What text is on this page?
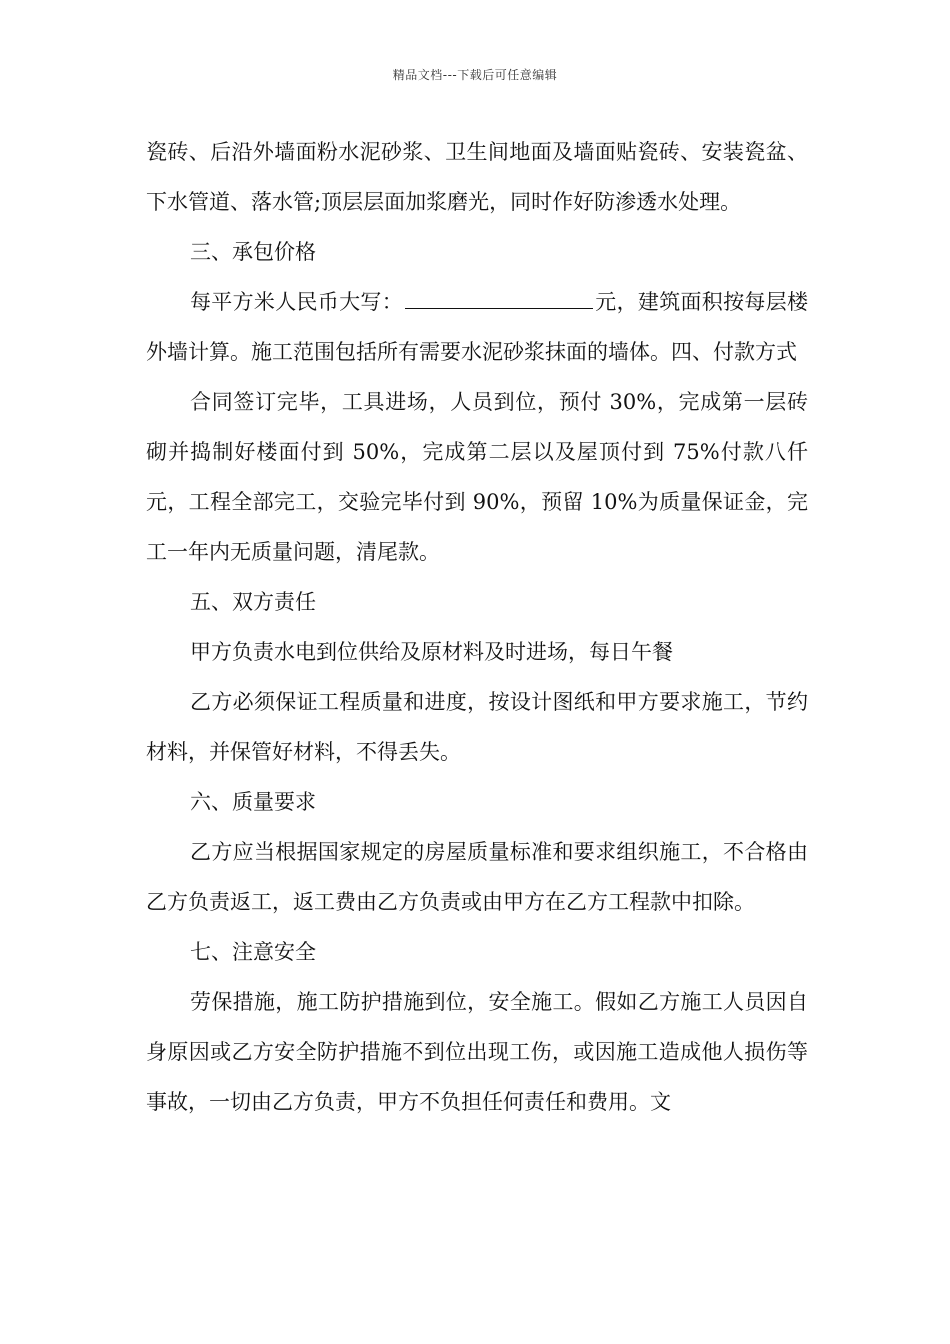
精品文档---下载后可任意编辑

瓷砖、后沿外墙面粉水泥砂浆、卫生间地面及墙面贴瓷砖、安装瓷盆、下水管道、落水管;顶层层面加浆磨光，同时作好防渗透水处理。

三、承包价格

每平方米人民币大写：	元，建筑面积按每层楼外墙计算。施工范围包括所有需要水泥砂浆抹面的墙体。四、付款方式

合同签订完毕，工具进场，人员到位，预付 30%，完成第一层砖砌并捣制好楼面付到 50%，完成第二层以及屋顶付到 75%付款八仟元，工程全部完工，交验完毕付到 90%，预留 10%为质量保证金，完工一年内无质量问题，清尾款。

五、双方责任

甲方负责水电到位供给及原材料及时进场，每日午餐

乙方必须保证工程质量和进度，按设计图纸和甲方要求施工，节约材料，并保管好材料，不得丢失。

六、质量要求

乙方应当根据国家规定的房屋质量标准和要求组织施工，不合格由乙方负责返工，返工费由乙方负责或由甲方在乙方工程款中扣除。

七、注意安全

劳保措施，施工防护措施到位，安全施工。假如乙方施工人员因自身原因或乙方安全防护措施不到位出现工伤，或因施工造成他人损伤等事故，一切由乙方负责，甲方不负担任何责任和费用。文
